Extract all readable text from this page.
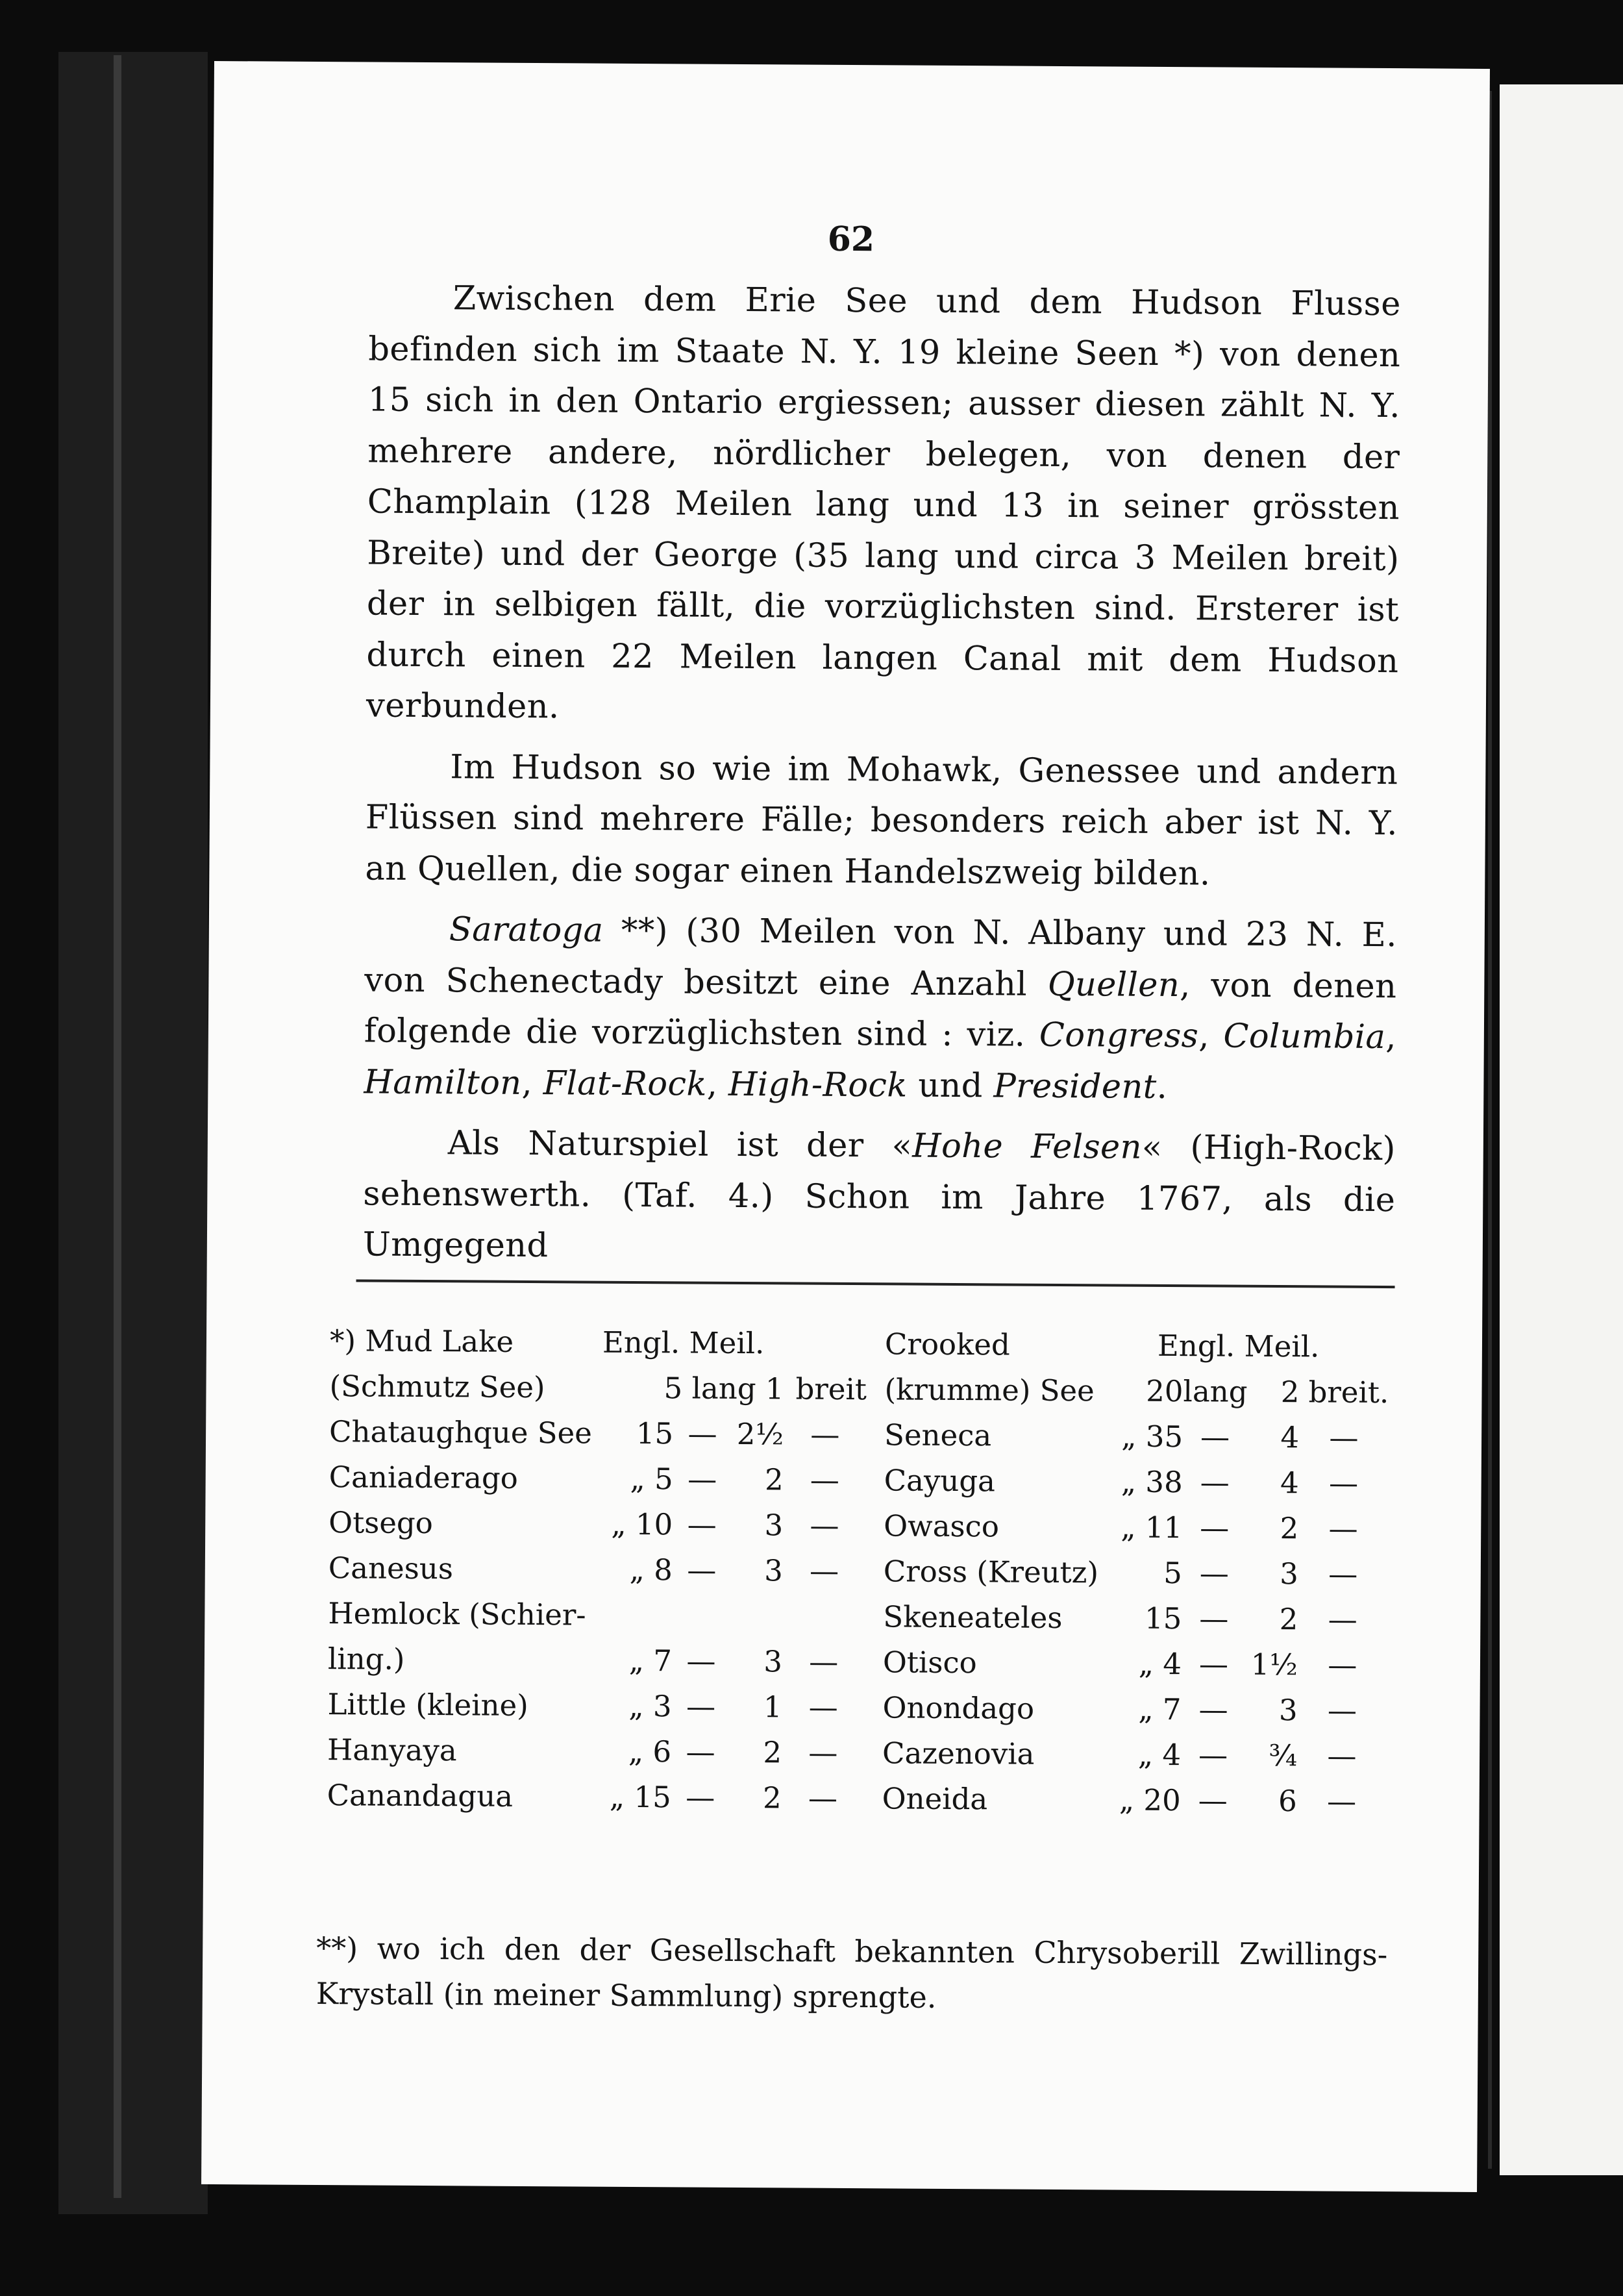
62

Zwischen dem Erie See und dem Hudson Flusse befinden sich im Staate N. Y. 19 kleine Seen *) von denen 15 sich in den Ontario ergiessen; ausser diesen zählt N. Y. mehrere andere, nördlicher belegen, von denen der Champlain (128 Meilen lang und 13 in seiner grössten Breite) und der George (35 lang und circa 3 Meilen breit) der in selbigen fällt, die vorzüglichsten sind. Ersterer ist durch einen 22 Meilen langen Canal mit dem Hudson verbunden.

Im Hudson so wie im Mohawk, Genessee und andern Flüssen sind mehrere Fälle; besonders reich aber ist N. Y. an Quellen, die sogar einen Handelszweig bilden.

Saratoga **) (30 Meilen von N. Albany und 23 N. E. von Schenectady besitzt eine Anzahl Quellen, von denen folgende die vorzüglichsten sind : viz. Congress, Columbia, Hamilton, Flat-Rock, High-Rock und President.

Als Naturspiel ist der «Hohe Felsen« (High-Rock) sehenswerth. (Taf. 4.) Schon im Jahre 1767, als die Umgegend

*) Mud Lake	Engl. Meil.			
(Schmutz See)	5 lang 1			breit
Chataughque See	15	—	2½	—
Caniaderago	„ 5	—	2	—
Otsego	„ 10	—	3	—
Canesus	„ 8	—	3	—
Hemlock (Schier-				
ling.)	„ 7	—	3	—
Little (kleine)	„ 3	—	1	—
Hanyaya	„ 6	—	2	—
Canandagua	„ 15	—	2	—
Crooked	Engl. Meil.			
(krumme) See	20	lang	2	breit.
Seneca	„ 35	—	4	—
Cayuga	„ 38	—	4	—
Owasco	„ 11	—	2	—
Cross (Kreutz)	5	—	3	—
Skeneateles	15	—	2	—
Otisco	„ 4	—	1½	—
Onondago	„ 7	—	3	—
Cazenovia	„ 4	—	¾	—
Oneida	„ 20	—	6	—
**) wo ich den der Gesellschaft bekannten Chrysoberill Zwillings-Krystall (in meiner Sammlung) sprengte.
